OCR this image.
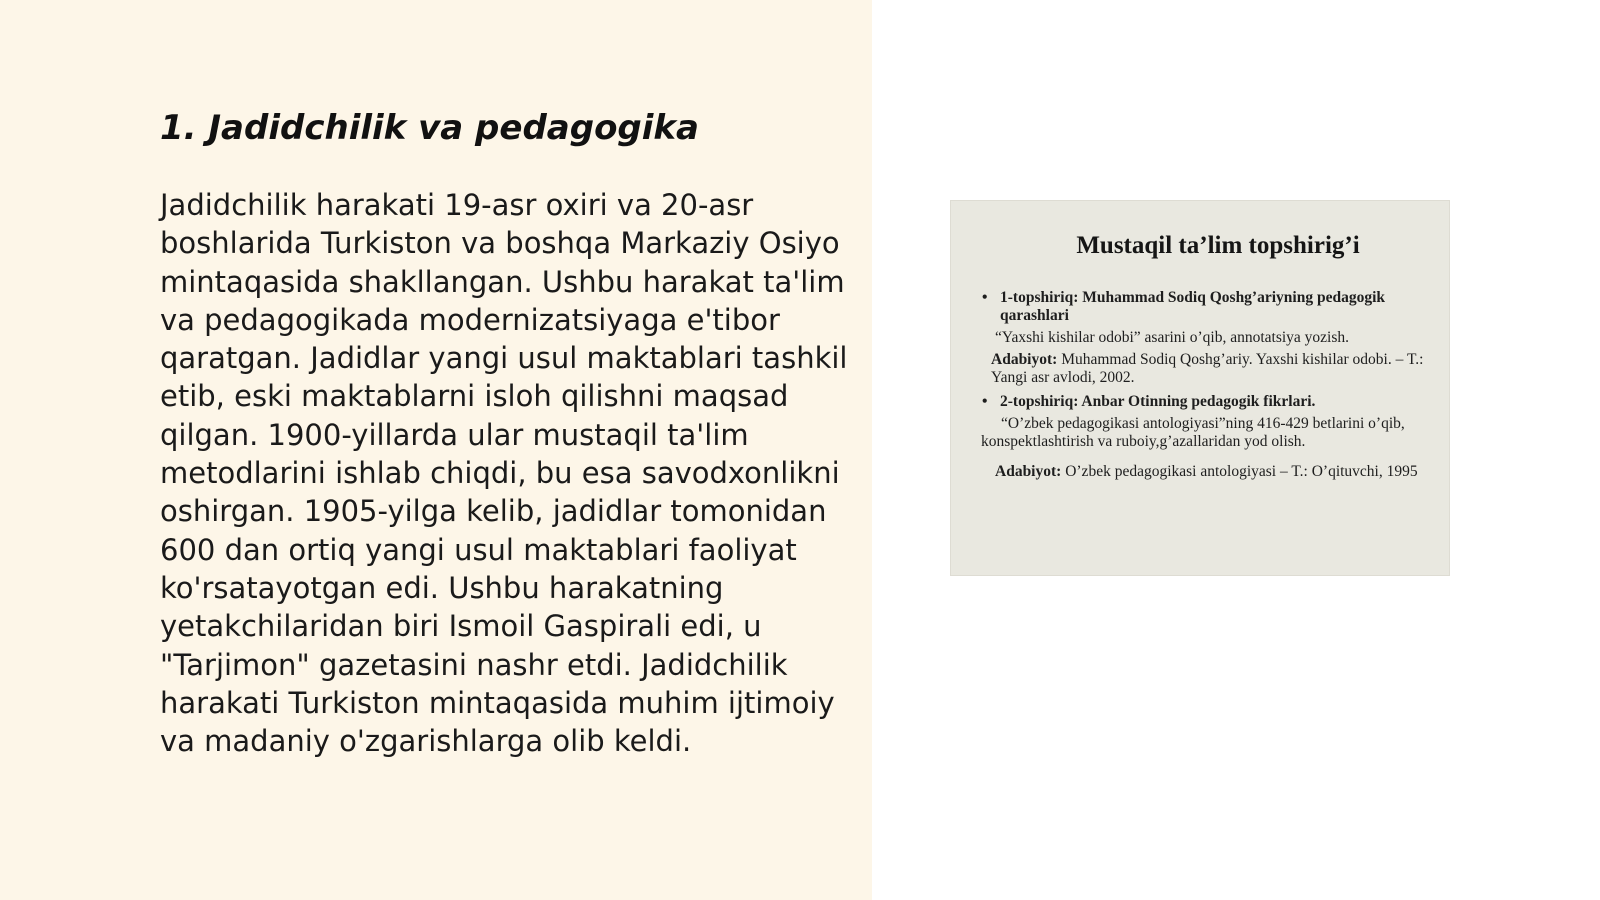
1. Jadidchilik va pedagogika

Jadidchilik harakati 19-asr oxiri va 20-asr boshlarida Turkiston va boshqa Markaziy Osiyo mintaqasida shakllangan. Ushbu harakat ta'lim va pedagogikada modernizatsiyaga e'tibor qaratgan. Jadidlar yangi usul maktablari tashkil etib, eski maktablarni isloh qilishni maqsad qilgan. 1900-yillarda ular mustaqil ta'lim metodlarini ishlab chiqdi, bu esa savodxonlikni oshirgan. 1905-yilga kelib, jadidlar tomonidan 600 dan ortiq yangi usul maktablari faoliyat ko'rsatayotgan edi. Ushbu harakatning yetakchilaridan biri Ismoil Gaspirali edi, u "Tarjimon" gazetasini nashr etdi. Jadidchilik harakati Turkiston mintaqasida muhim ijtimoiy va madaniy o'zgarishlarga olib keldi.

Mustaqil ta’lim topshirig’i
• 1-topshiriq: Muhammad Sodiq Qoshg’ariyning pedagogik qarashlari
“Yaxshi kishilar odobi” asarini o’qib, annotatsiya yozish.
Adabiyot: Muhammad Sodiq Qoshg’ariy. Yaxshi kishilar odobi. – T.: Yangi asr avlodi, 2002.
• 2-topshiriq: Anbar Otinning pedagogik fikrlari.
“O’zbek pedagogikasi antologiyasi”ning 416-429 betlarini o’qib, konspektlashtirish va ruboiy,g’azallaridan yod olish.
Adabiyot: O’zbek pedagogikasi antologiyasi – T.: O’qituvchi, 1995
